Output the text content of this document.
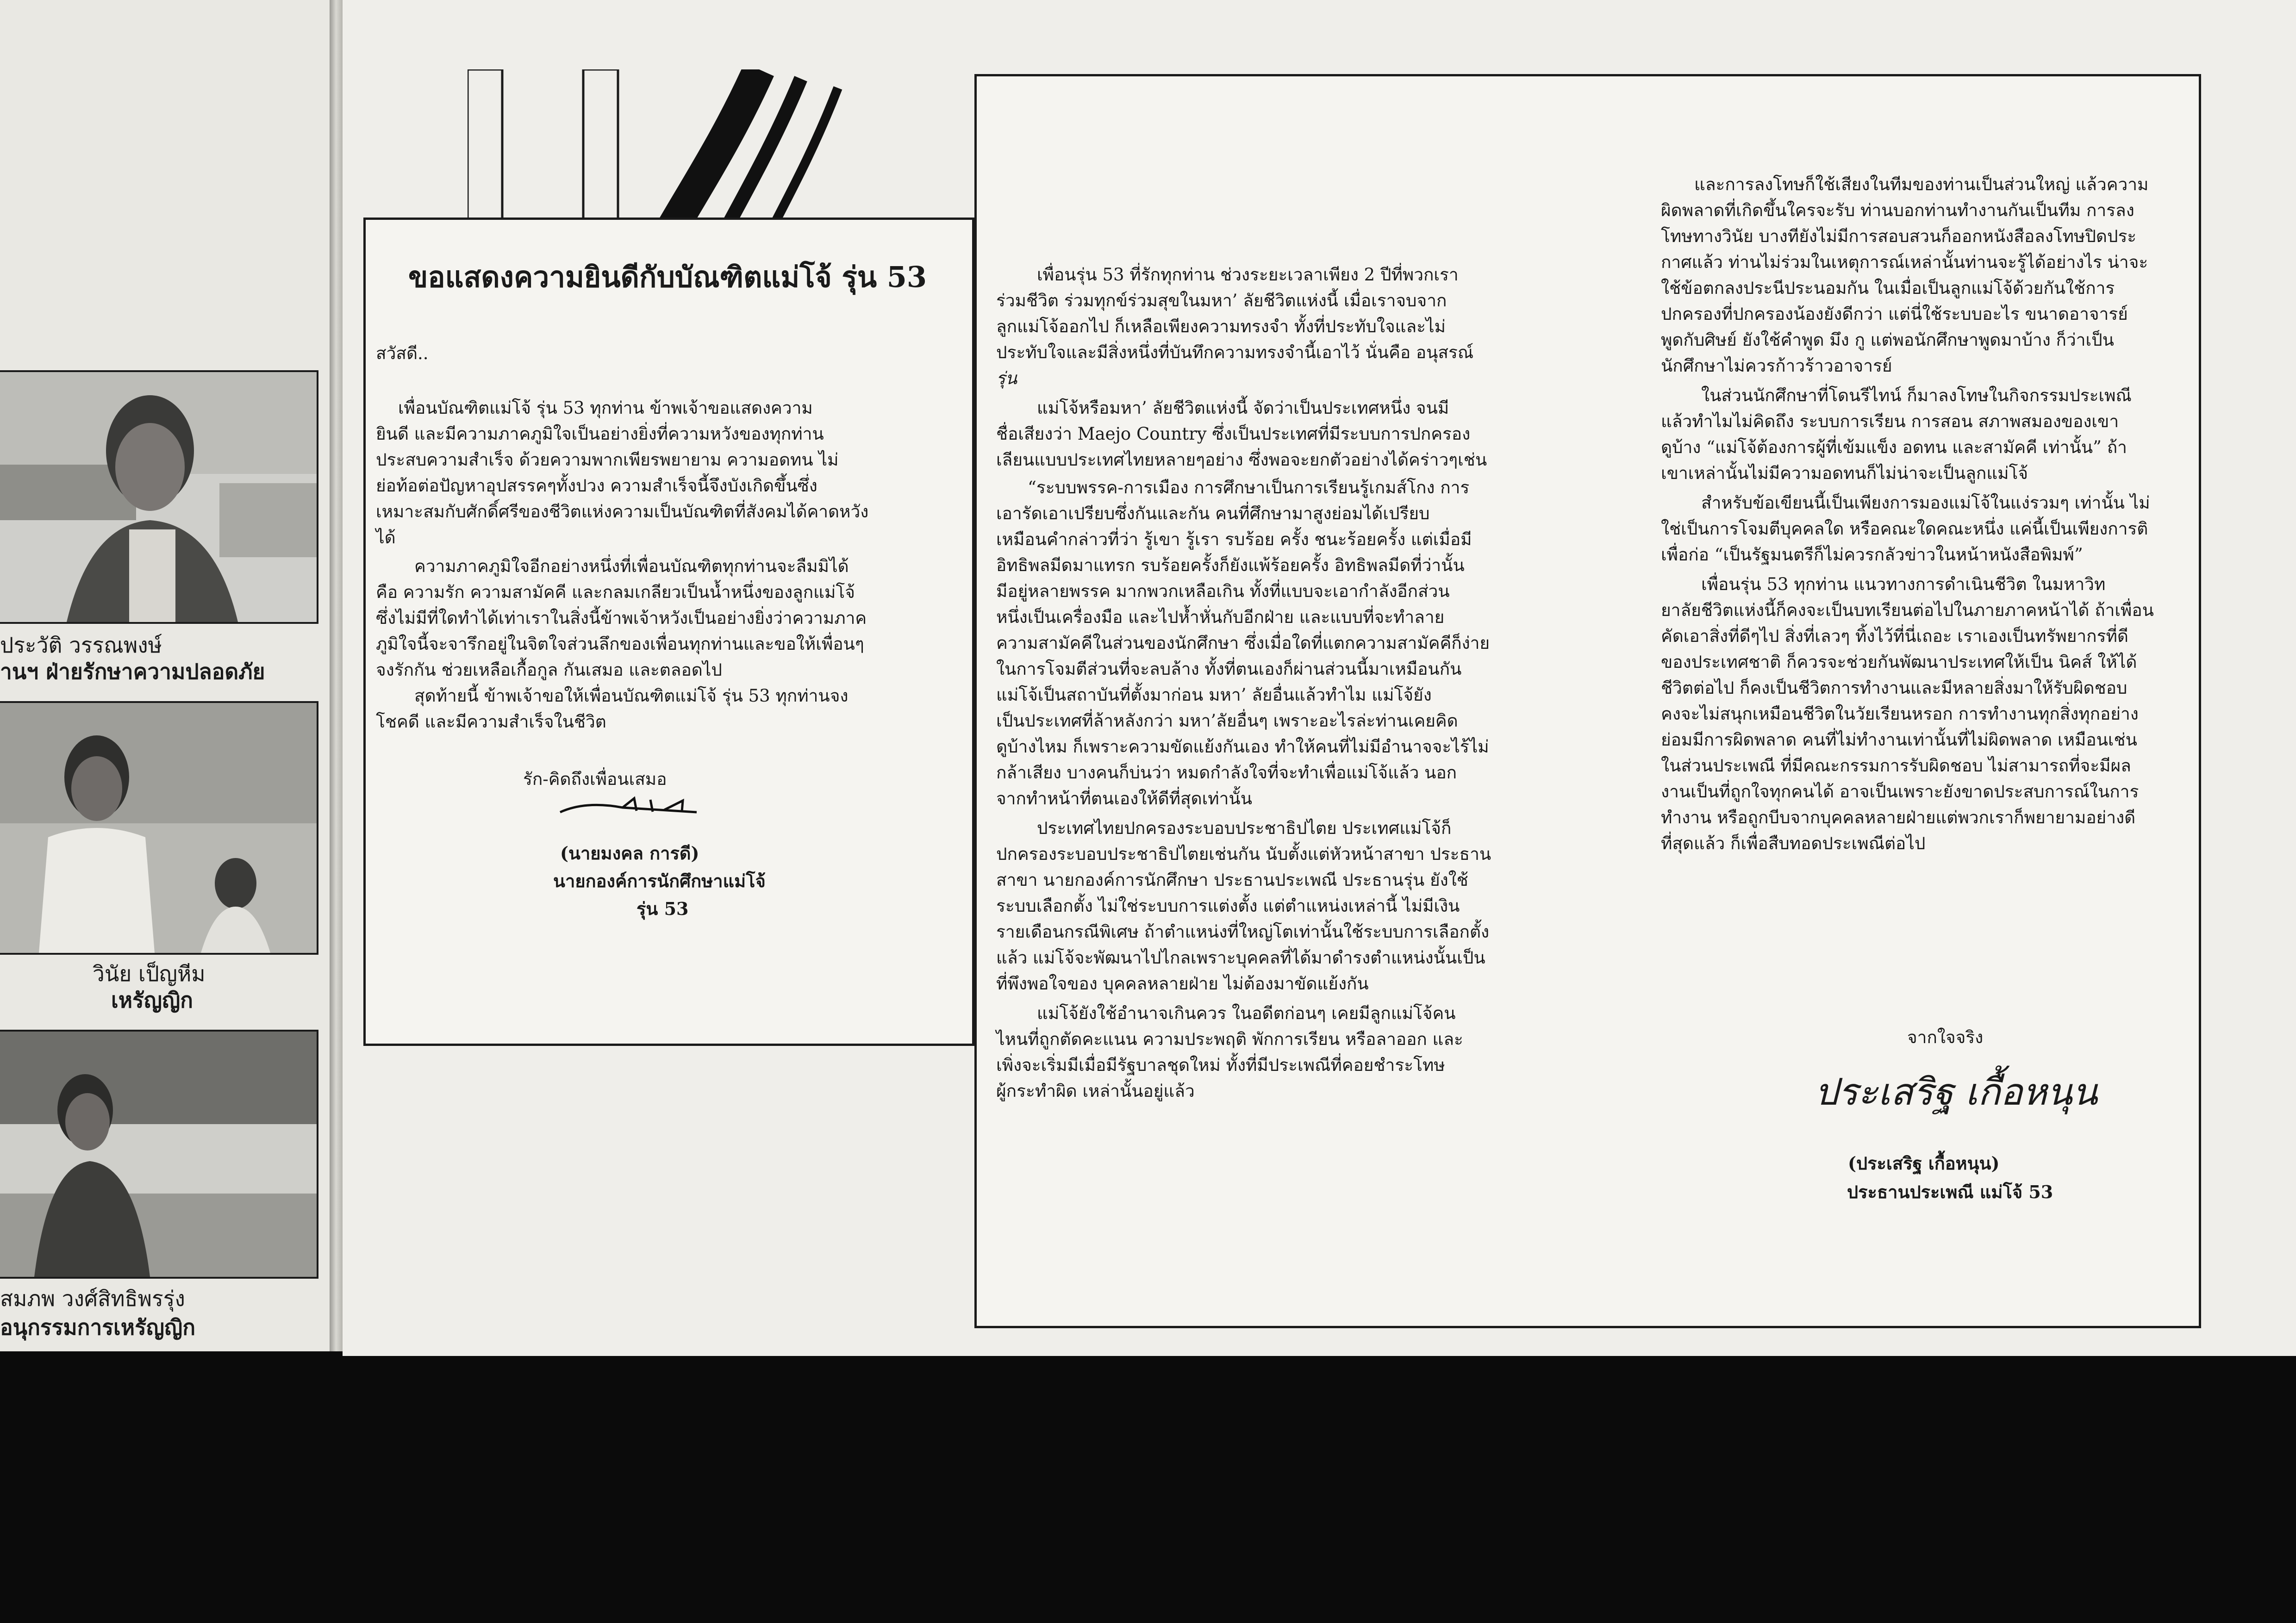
ประวัติ วรรณพงษ์
านฯ ฝ่ายรักษาความปลอดภัย
วินัย เป็ญหีม
เหรัญญิก
สมภพ วงศ์สิทธิพรรุ่ง
อนุกรรมการเหรัญญิก
ขอแสดงความยินดีกับบัณฑิตแม่โจ้ รุ่น 53
สวัสดี..
เพื่อนบัณฑิตแม่โจ้ รุ่น 53 ทุกท่าน ข้าพเจ้าขอแสดงความ
ยินดี และมีความภาคภูมิใจเป็นอย่างยิ่งที่ความหวังของทุกท่าน
ประสบความสำเร็จ ด้วยความพากเพียรพยายาม ความอดทน ไม่
ย่อท้อต่อปัญหาอุปสรรคๆทั้งปวง ความสำเร็จนี้จึงบังเกิดขึ้นซึ่ง
เหมาะสมกับศักดิ์ศรีของชีวิตแห่งความเป็นบัณฑิตที่สังคมได้คาดหวัง
ได้
ความภาคภูมิใจอีกอย่างหนึ่งที่เพื่อนบัณฑิตทุกท่านจะลืมมิได้
คือ ความรัก ความสามัคคี และกลมเกลียวเป็นน้ำหนึ่งของลูกแม่โจ้
ซึ่งไม่มีที่ใดทำได้เท่าเราในสิ่งนี้ข้าพเจ้าหวังเป็นอย่างยิ่งว่าความภาค
ภูมิใจนี้จะจารึกอยู่ในจิตใจส่วนลึกของเพื่อนทุกท่านและขอให้เพื่อนๆ
จงรักกัน ช่วยเหลือเกื้อกูล กันเสมอ และตลอดไป
สุดท้ายนี้ ข้าพเจ้าขอให้เพื่อนบัณฑิตแม่โจ้ รุ่น 53 ทุกท่านจง
โชคดี และมีความสำเร็จในชีวิต
รัก-คิดถึงเพื่อนเสมอ
(นายมงคล การดี)
นายกองค์การนักศึกษาแม่โจ้
รุ่น 53
เพื่อนรุ่น 53 ที่รักทุกท่าน ช่วงระยะเวลาเพียง 2 ปีที่พวกเรา
ร่วมชีวิต ร่วมทุกข์ร่วมสุขในมหา’ ลัยชีวิตแห่งนี้ เมื่อเราจบจาก
ลูกแม่โจ้ออกไป ก็เหลือเพียงความทรงจำ ทั้งที่ประทับใจและไม่
ประทับใจและมีสิ่งหนึ่งที่บันทึกความทรงจำนี้เอาไว้ นั่นคือ อนุสรณ์
รุ่น
แม่โจ้หรือมหา’ ลัยชีวิตแห่งนี้ จัดว่าเป็นประเทศหนึ่ง จนมี
ชื่อเสียงว่า Maejo Country ซึ่งเป็นประเทศที่มีระบบการปกครอง
เลียนแบบประเทศไทยหลายๆอย่าง ซึ่งพอจะยกตัวอย่างได้คร่าวๆเช่น
“ระบบพรรค-การเมือง การศึกษาเป็นการเรียนรู้เกมส์โกง การ
เอารัดเอาเปรียบซึ่งกันและกัน คนที่ศึกษามาสูงย่อมได้เปรียบ
เหมือนคำกล่าวที่ว่า รู้เขา รู้เรา รบร้อย ครั้ง ชนะร้อยครั้ง แต่เมื่อมี
อิทธิพลมีดมาแทรก รบร้อยครั้งก็ยังแพ้ร้อยครั้ง อิทธิพลมีดที่ว่านั้น
มีอยู่หลายพรรค มากพวกเหลือเกิน ทั้งที่แบบจะเอากำลังอีกส่วน
หนึ่งเป็นเครื่องมือ และไปห้ำหั่นกับอีกฝ่าย และแบบที่จะทำลาย
ความสามัคคีในส่วนของนักศึกษา ซึ่งเมื่อใดที่แตกความสามัคคีก็ง่าย
ในการโจมตีส่วนที่จะลบล้าง ทั้งที่ตนเองก็ผ่านส่วนนี้มาเหมือนกัน
แม่โจ้เป็นสถาบันที่ตั้งมาก่อน มหา’ ลัยอื่นแล้วทำไม แม่โจ้ยัง
เป็นประเทศที่ล้าหลังกว่า มหา’ลัยอื่นๆ เพราะอะไรล่ะท่านเคยคิด
ดูบ้างไหม ก็เพราะความขัดแย้งกันเอง ทำให้คนที่ไม่มีอำนาจจะไร้ไม่
กล้าเสียง บางคนก็บ่นว่า หมดกำลังใจที่จะทำเพื่อแม่โจ้แล้ว นอก
จากทำหน้าที่ตนเองให้ดีที่สุดเท่านั้น
ประเทศไทยปกครองระบอบประชาธิปไตย ประเทศแม่โจ้ก็
ปกครองระบอบประชาธิปไตยเช่นกัน นับตั้งแต่หัวหน้าสาขา ประธาน
สาขา นายกองค์การนักศึกษา ประธานประเพณี ประธานรุ่น ยังใช้
ระบบเลือกตั้ง ไม่ใช่ระบบการแต่งตั้ง แต่ตำแหน่งเหล่านี้ ไม่มีเงิน
รายเดือนกรณีพิเศษ ถ้าตำแหน่งที่ใหญ่โตเท่านั้นใช้ระบบการเลือกตั้ง
แล้ว แม่โจ้จะพัฒนาไปไกลเพราะบุคคลที่ได้มาดำรงตำแหน่งนั้นเป็น
ที่พึงพอใจของ บุคคลหลายฝ่าย ไม่ต้องมาขัดแย้งกัน
แม่โจ้ยังใช้อำนาจเกินควร ในอดีตก่อนๆ เคยมีลูกแม่โจ้คน
ไหนที่ถูกตัดคะแนน ความประพฤติ พักการเรียน หรือลาออก และ
เพิ่งจะเริ่มมีเมื่อมีรัฐบาลชุดใหม่ ทั้งที่มีประเพณีที่คอยชำระโทษ
ผู้กระทำผิด เหล่านั้นอยู่แล้ว
และการลงโทษก็ใช้เสียงในทีมของท่านเป็นส่วนใหญ่ แล้วความ
ผิดพลาดที่เกิดขึ้นใครจะรับ ท่านบอกท่านทำงานกันเป็นทีม การลง
โทษทางวินัย บางทียังไม่มีการสอบสวนก็ออกหนังสือลงโทษปิดประ
กาศแล้ว ท่านไม่ร่วมในเหตุการณ์เหล่านั้นท่านจะรู้ได้อย่างไร น่าจะ
ใช้ข้อตกลงประนีประนอมกัน ในเมื่อเป็นลูกแม่โจ้ด้วยกันใช้การ
ปกครองที่ปกครองน้องยังดีกว่า แต่นี่ใช้ระบบอะไร ขนาดอาจารย์
พูดกับศิษย์ ยังใช้คำพูด มึง กู แต่พอนักศึกษาพูดมาบ้าง ก็ว่าเป็น
นักศึกษาไม่ควรก้าวร้าวอาจารย์
ในส่วนนักศึกษาที่โดนรีไทน์ ก็มาลงโทษในกิจกรรมประเพณี
แล้วทำไมไม่คิดถึง ระบบการเรียน การสอน สภาพสมองของเขา
ดูบ้าง “แม่โจ้ต้องการผู้ที่เข้มแข็ง อดทน และสามัคคี เท่านั้น” ถ้า
เขาเหล่านั้นไม่มีความอดทนก็ไม่น่าจะเป็นลูกแม่โจ้
สำหรับข้อเขียนนี้เป็นเพียงการมองแม่โจ้ในแง่รวมๆ เท่านั้น ไม่
ใช่เป็นการโจมตีบุคคลใด หรือคณะใดคณะหนึ่ง แค่นี้เป็นเพียงการติ
เพื่อก่อ “เป็นรัฐมนตรีก็ไม่ควรกลัวข่าวในหน้าหนังสือพิมพ์”
เพื่อนรุ่น 53 ทุกท่าน แนวทางการดำเนินชีวิต ในมหาวิท
ยาลัยชีวิตแห่งนี้ก็คงจะเป็นบทเรียนต่อไปในภายภาคหน้าได้ ถ้าเพื่อน
คัดเอาสิ่งที่ดีๆไป สิ่งที่เลวๆ ทิ้งไว้ที่นี่เถอะ เราเองเป็นทรัพยากรที่ดี
ของประเทศชาติ ก็ควรจะช่วยกันพัฒนาประเทศให้เป็น นิคส์ ให้ได้
ชีวิตต่อไป ก็คงเป็นชีวิตการทำงานและมีหลายสิ่งมาให้รับผิดชอบ
คงจะไม่สนุกเหมือนชีวิตในวัยเรียนหรอก การทำงานทุกสิ่งทุกอย่าง
ย่อมมีการผิดพลาด คนที่ไม่ทำงานเท่านั้นที่ไม่ผิดพลาด เหมือนเช่น
ในส่วนประเพณี ที่มีคณะกรรมการรับผิดชอบ ไม่สามารถที่จะมีผล
งานเป็นที่ถูกใจทุกคนได้ อาจเป็นเพราะยังขาดประสบการณ์ในการ
ทำงาน หรือถูกบีบจากบุคคลหลายฝ่ายแต่พวกเราก็พยายามอย่างดี
ที่สุดแล้ว ก็เพื่อสืบทอดประเพณีต่อไป
จากใจจริง
ประเสริฐ เกื้อหนุน
(ประเสริฐ เกื้อหนุน)
ประธานประเพณี แม่โจ้ 53
